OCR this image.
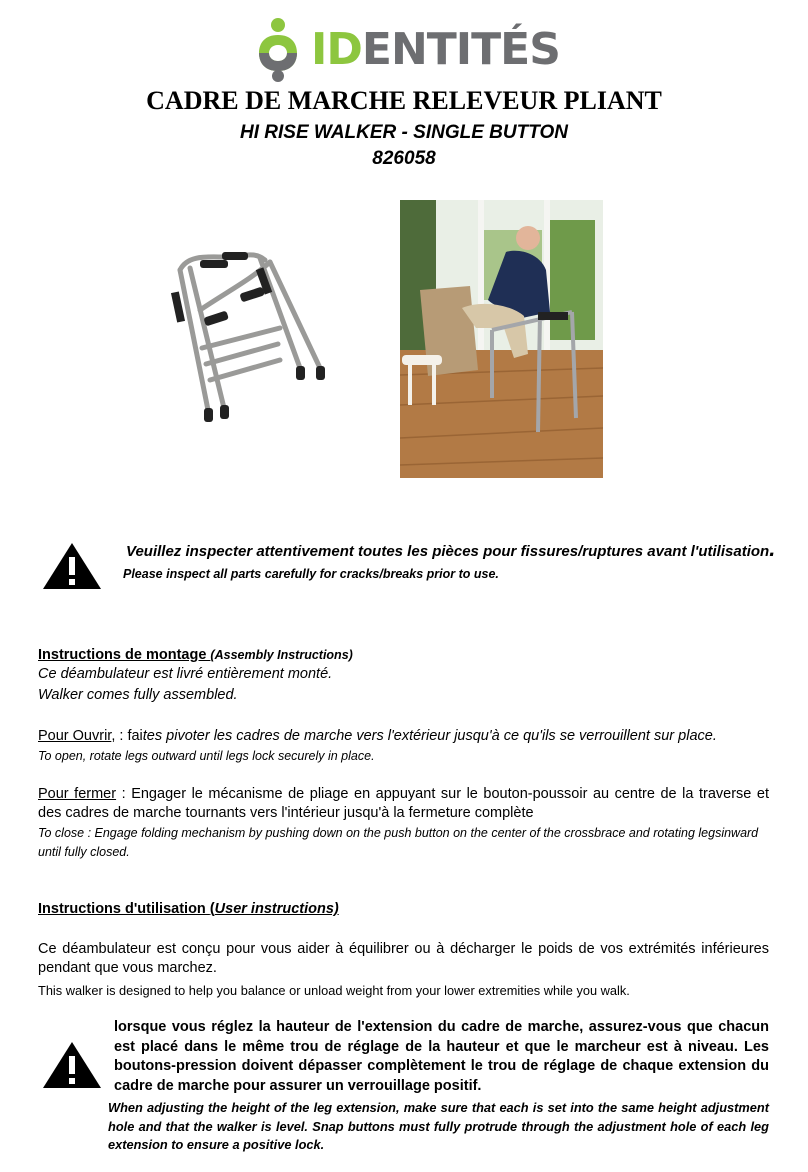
IDENTITÉS
CADRE DE MARCHE RELEVEUR PLIANT
HI RISE WALKER - SINGLE BUTTON
826058
Veuillez inspecter attentivement toutes les pièces pour fissures/ruptures avant l'utilisation.
Please inspect all parts carefully for cracks/breaks prior to use.
Instructions de montage (Assembly Instructions)
Ce déambulateur est livré entièrement monté.
Walker comes fully assembled.
Pour Ouvrir, : faites pivoter les cadres de marche vers l'extérieur jusqu'à ce qu'ils se verrouillent sur place.
To open, rotate legs outward until legs lock securely in place.
Pour fermer : Engager le mécanisme de pliage en appuyant sur le bouton-poussoir au centre de la traverse et des cadres de marche tournants vers l'intérieur jusqu'à la fermeture complète
To close : Engage folding mechanism by pushing down on the push button on the center of the crossbrace and rotating legsinward until fully closed.
Instructions d'utilisation (User instructions)
Ce déambulateur est conçu pour vous aider à équilibrer ou à décharger le poids de vos extrémités inférieures pendant que vous marchez.
This walker is designed to help you balance or unload weight from your lower extremities while you walk.
lorsque vous réglez la hauteur de l'extension du cadre de marche, assurez-vous que chacun est placé dans le même trou de réglage de la hauteur et que le marcheur est à niveau. Les boutons-pression doivent dépasser complètement le trou de réglage de chaque extension du cadre de marche pour assurer un verrouillage positif.
When adjusting the height of the leg extension, make sure that each is set into the same height adjustment hole and that the walker is level. Snap buttons must fully protrude through the adjustment hole of each leg extension to ensure a positive lock.
